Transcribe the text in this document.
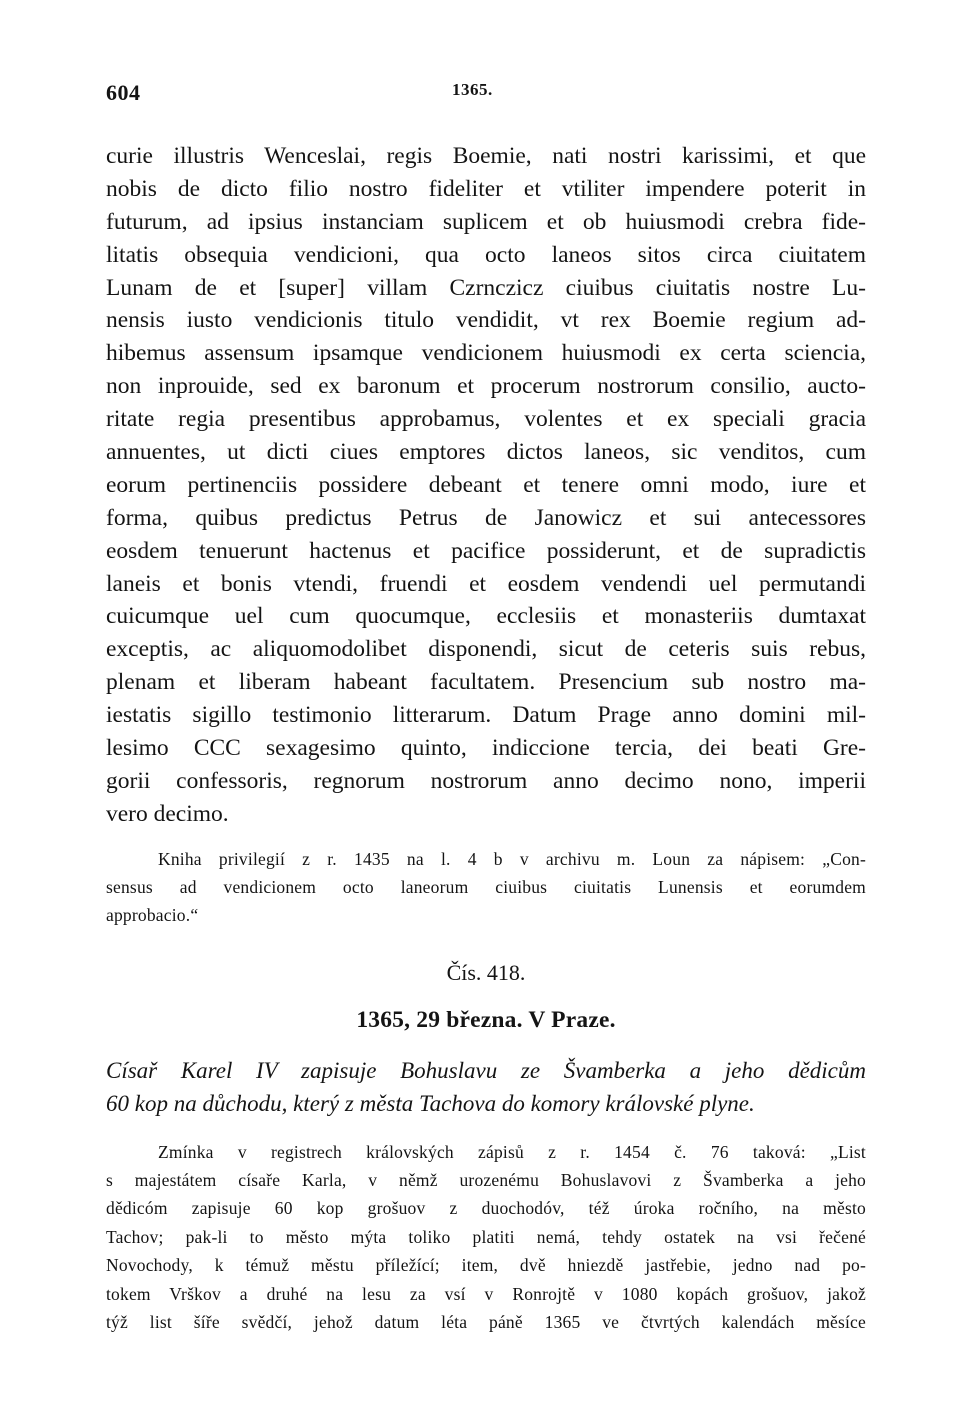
604	1365.
curie illustris Wenceslai, regis Boemie, nati nostri karissimi, et que
nobis de dicto filio nostro fideliter et vtiliter impendere poterit in
futurum, ad ipsius instanciam suplicem et ob huiusmodi crebra fide-
litatis obsequia vendicioni, qua octo laneos sitos circa ciuitatem
Lunam de et [super] villam Czrnczicz ciuibus ciuitatis nostre Lu-
nensis iusto vendicionis titulo vendidit, vt rex Boemie regium ad-
hibemus assensum ipsamque vendicionem huiusmodi ex certa sciencia,
non inprouide, sed ex baronum et procerum nostrorum consilio, aucto-
ritate regia presentibus approbamus, volentes et ex speciali gracia
annuentes, ut dicti ciues emptores dictos laneos, sic venditos, cum
eorum pertinenciis possidere debeant et tenere omni modo, iure et
forma, quibus predictus Petrus de Janowicz et sui antecessores
eosdem tenuerunt hactenus et pacifice possiderunt, et de supradictis
laneis et bonis vtendi, fruendi et eosdem vendendi uel permutandi
cuicumque uel cum quocumque, ecclesiis et monasteriis dumtaxat
exceptis, ac aliquomodolibet disponendi, sicut de ceteris suis rebus,
plenam et liberam habeant facultatem. Presencium sub nostro ma-
iestatis sigillo testimonio litterarum. Datum Prage anno domini mil-
lesimo CCC sexagesimo quinto, indiccione tercia, dei beati Gre-
gorii confessoris, regnorum nostrorum anno decimo nono, imperii
vero decimo.
Kniha privilegií z r. 1435 na l. 4 b v archivu m. Loun za nápisem: „Con-
sensus ad vendicionem octo laneorum ciuibus ciuitatis Lunensis et eorumdem
approbacio.“
Čís. 418.
1365, 29 března. V Praze.
Císař Karel IV zapisuje Bohuslavu ze Švamberka a jeho dědicům
60 kop na důchodu, který z města Tachova do komory královské plyne.
Zmínka v registrech královských zápisů z r. 1454 č. 76 taková: „List
s majestátem císaře Karla, v němž urozenému Bohuslavovi z Švamberka a jeho
dědicóm zapisuje 60 kop grošuov z duochodóv, též úroka ročního, na město
Tachov; pak-li to město mýta toliko platiti nemá, tehdy ostatek na vsi řečené
Novochody, k témuž městu příležící; item, dvě hniezdě jastřebie, jedno nad po-
tokem Vrškov a druhé na lesu za vsí v Ronrojtě v 1080 kopách grošuov, jakož
týž list šíře svědčí, jehož datum léta páně 1365 ve čtvrtých kalendách měsíce
